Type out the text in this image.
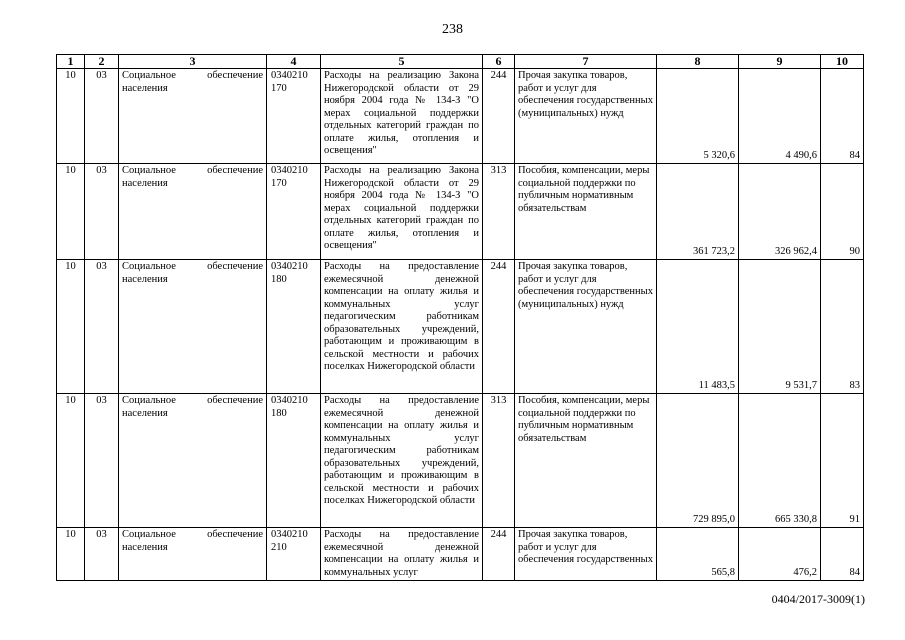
238
1	2	3	4	5	6	7	8	9	10
10	03	Социальное обеспечение населения	0340210 170	Расходы на реализацию Закона Нижегородской области от 29 ноября 2004 года № 134-З "О мерах социальной поддержки отдельных категорий граждан по оплате жилья, отопления и освещения"	244	Прочая закупка товаров, работ и услуг для обеспечения государственных (муниципальных) нужд	5 320,6	4 490,6	84
10	03	Социальное обеспечение населения	0340210 170	Расходы на реализацию Закона Нижегородской области от 29 ноября 2004 года № 134-З "О мерах социальной поддержки отдельных категорий граждан по оплате жилья, отопления и освещения"	313	Пособия, компенсации, меры социальной поддержки по публичным нормативным обязательствам	361 723,2	326 962,4	90
10	03	Социальное обеспечение населения	0340210 180	Расходы на предоставление ежемесячной денежной компенсации на оплату жилья и коммунальных услуг педагогическим работникам образовательных учреждений, работающим и проживающим в сельской местности и рабочих поселках Нижегородской области	244	Прочая закупка товаров, работ и услуг для обеспечения государственных (муниципальных) нужд	11 483,5	9 531,7	83
10	03	Социальное обеспечение населения	0340210 180	Расходы на предоставление ежемесячной денежной компенсации на оплату жилья и коммунальных услуг педагогическим работникам образовательных учреждений, работающим и проживающим в сельской местности и рабочих поселках Нижегородской области	313	Пособия, компенсации, меры социальной поддержки по публичным нормативным обязательствам	729 895,0	665 330,8	91
10	03	Социальное обеспечение населения	0340210 210	Расходы на предоставление ежемесячной денежной компенсации на оплату жилья и коммунальных услуг	244	Прочая закупка товаров, работ и услуг для обеспечения государственных	565,8	476,2	84
0404/2017-3009(1)
